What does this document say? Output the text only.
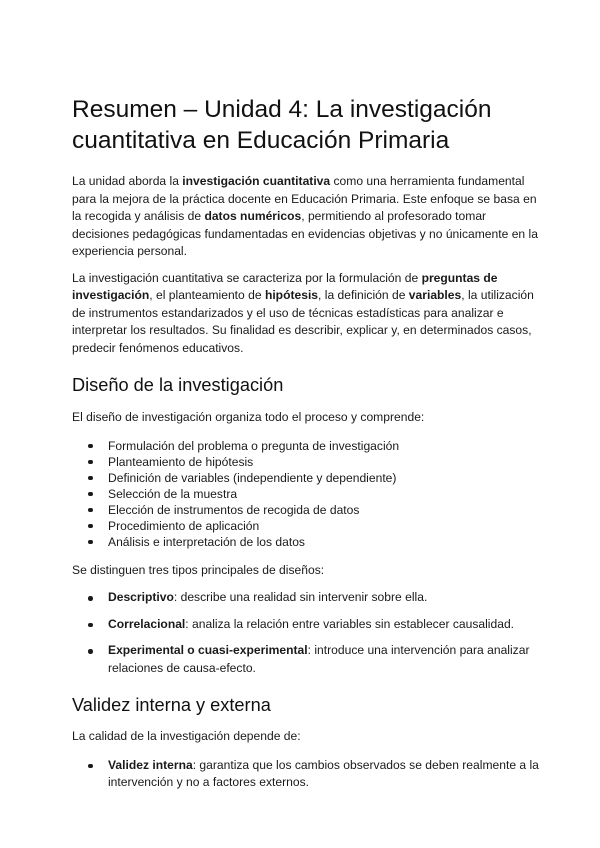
Resumen – Unidad 4: La investigación cuantitativa en Educación Primaria

La unidad aborda la investigación cuantitativa como una herramienta fundamental para la mejora de la práctica docente en Educación Primaria. Este enfoque se basa en la recogida y análisis de datos numéricos, permitiendo al profesorado tomar decisiones pedagógicas fundamentadas en evidencias objetivas y no únicamente en la experiencia personal.

La investigación cuantitativa se caracteriza por la formulación de preguntas de investigación, el planteamiento de hipótesis, la definición de variables, la utilización de instrumentos estandarizados y el uso de técnicas estadísticas para analizar e interpretar los resultados. Su finalidad es describir, explicar y, en determinados casos, predecir fenómenos educativos.

Diseño de la investigación

El diseño de investigación organiza todo el proceso y comprende:

Formulación del problema o pregunta de investigación
Planteamiento de hipótesis
Definición de variables (independiente y dependiente)
Selección de la muestra
Elección de instrumentos de recogida de datos
Procedimiento de aplicación
Análisis e interpretación de los datos

Se distinguen tres tipos principales de diseños:

Descriptivo: describe una realidad sin intervenir sobre ella.
Correlacional: analiza la relación entre variables sin establecer causalidad.
Experimental o cuasi-experimental: introduce una intervención para analizar relaciones de causa-efecto.
Validez interna y externa

La calidad de la investigación depende de:

Validez interna: garantiza que los cambios observados se deben realmente a la intervención y no a factores externos.
